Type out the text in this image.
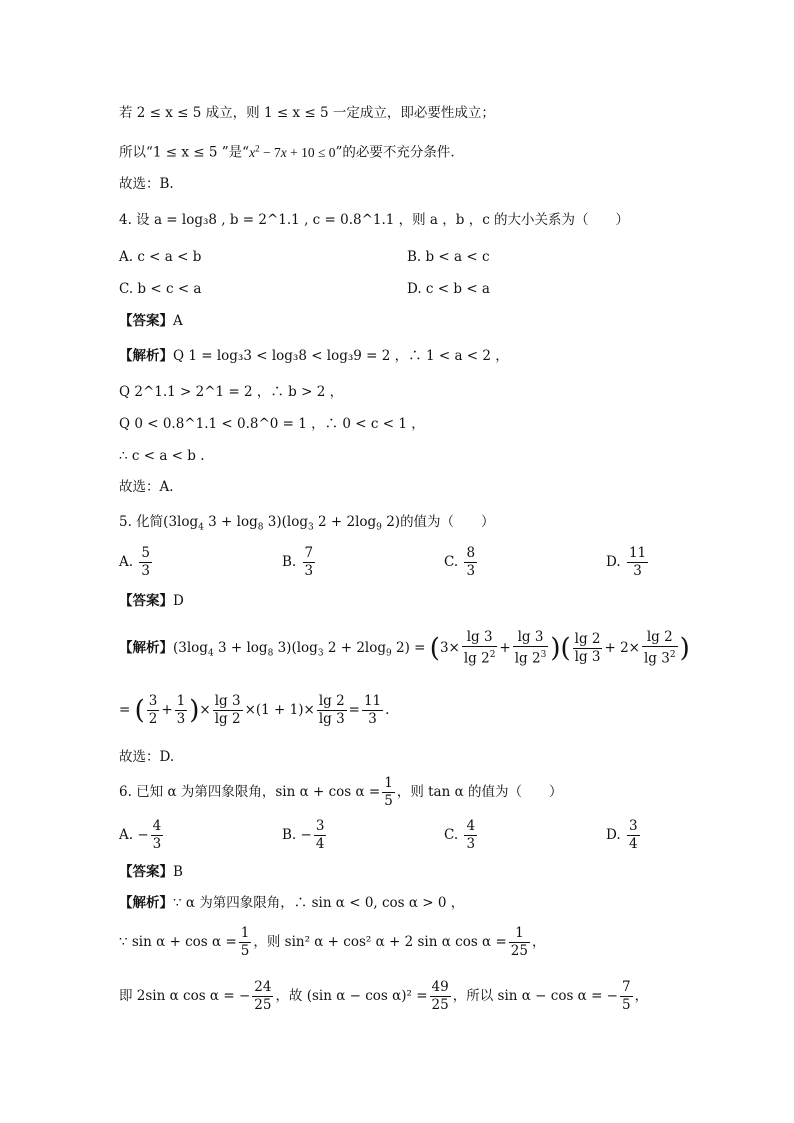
若 2 ≤ x ≤ 5 成立，则 1 ≤ x ≤ 5 一定成立，即必要性成立；
所以“1 ≤ x ≤ 5 ”是“$x^2 - 7x + 10 \le 0$”的必要不充分条件.
故选：B.
4. 设 a = log₃8 , b = 2^1.1 , c = 0.8^1.1 ，则 a ，b ，c 的大小关系为（　　）
A. c < a < b	B. b < a < c
C. b < c < a	D. c < b < a
【答案】A
【解析】Q 1 = log₃3 < log₃8 < log₃9 = 2 ，∴ 1 < a < 2 ，
Q 2^1.1 > 2^1 = 2 ，∴ b > 2 ，
Q 0 < 0.8^1.1 < 0.8^0 = 1 ，∴ 0 < c < 1 ，
∴ c < a < b .
故选：A.
5. 化简($3\log_4$ $3 + \log_8 3)(\log_3$ $2 + 2\log_9$ 2)的值为（　　）
A. $\frac{5}{3}$	B. $\frac{7}{3}$	C. $\frac{8}{3}$	D. $\frac{11}{3}$
【答案】D
【解析】($3\log_4$ $3 + \log_8 3)(\log_3$ $2 + 2\log_9$ $2) = (3\times \frac{\lg 3}{\lg 2^2} + \frac{\lg 3}{\lg 2^3}$ )( $\frac{\lg 2}{\lg 3} + 2\times \frac{\lg 2}{\lg 3^2}$ )
= ( $\frac{3}{2} + \frac{1}{3}$ )× $\frac{\lg 3}{\lg 2} \times(1 + 1)\times \frac{\lg 2}{\lg 3} = \frac{11}{3}$ .
故选：D.
6. 已知 α 为第四象限角，$\sin \alpha + \cos \alpha = \frac{1}{5}$ ，则 tan α 的值为（　　）
A. − $\frac{4}{3}$	B. − $\frac{3}{4}$	C. $\frac{4}{3}$	D. $\frac{3}{4}$
【答案】B
【解析】∵ α 为第四象限角，∴ sin α < 0, cos α > 0 ，
∵ $\sin \alpha + \cos \alpha = \frac{1}{5}$ ，则 sin² α + cos² α + 2 sin α $\cos \alpha = \frac{1}{25}$ ，
即 2sin α cos α = − $\frac{24}{25}$ ，故 (sin $\alpha - \cos \alpha)^2 = \frac{49}{25}$ ，所以 sin α − cos α = − $\frac{7}{5}$ ，
